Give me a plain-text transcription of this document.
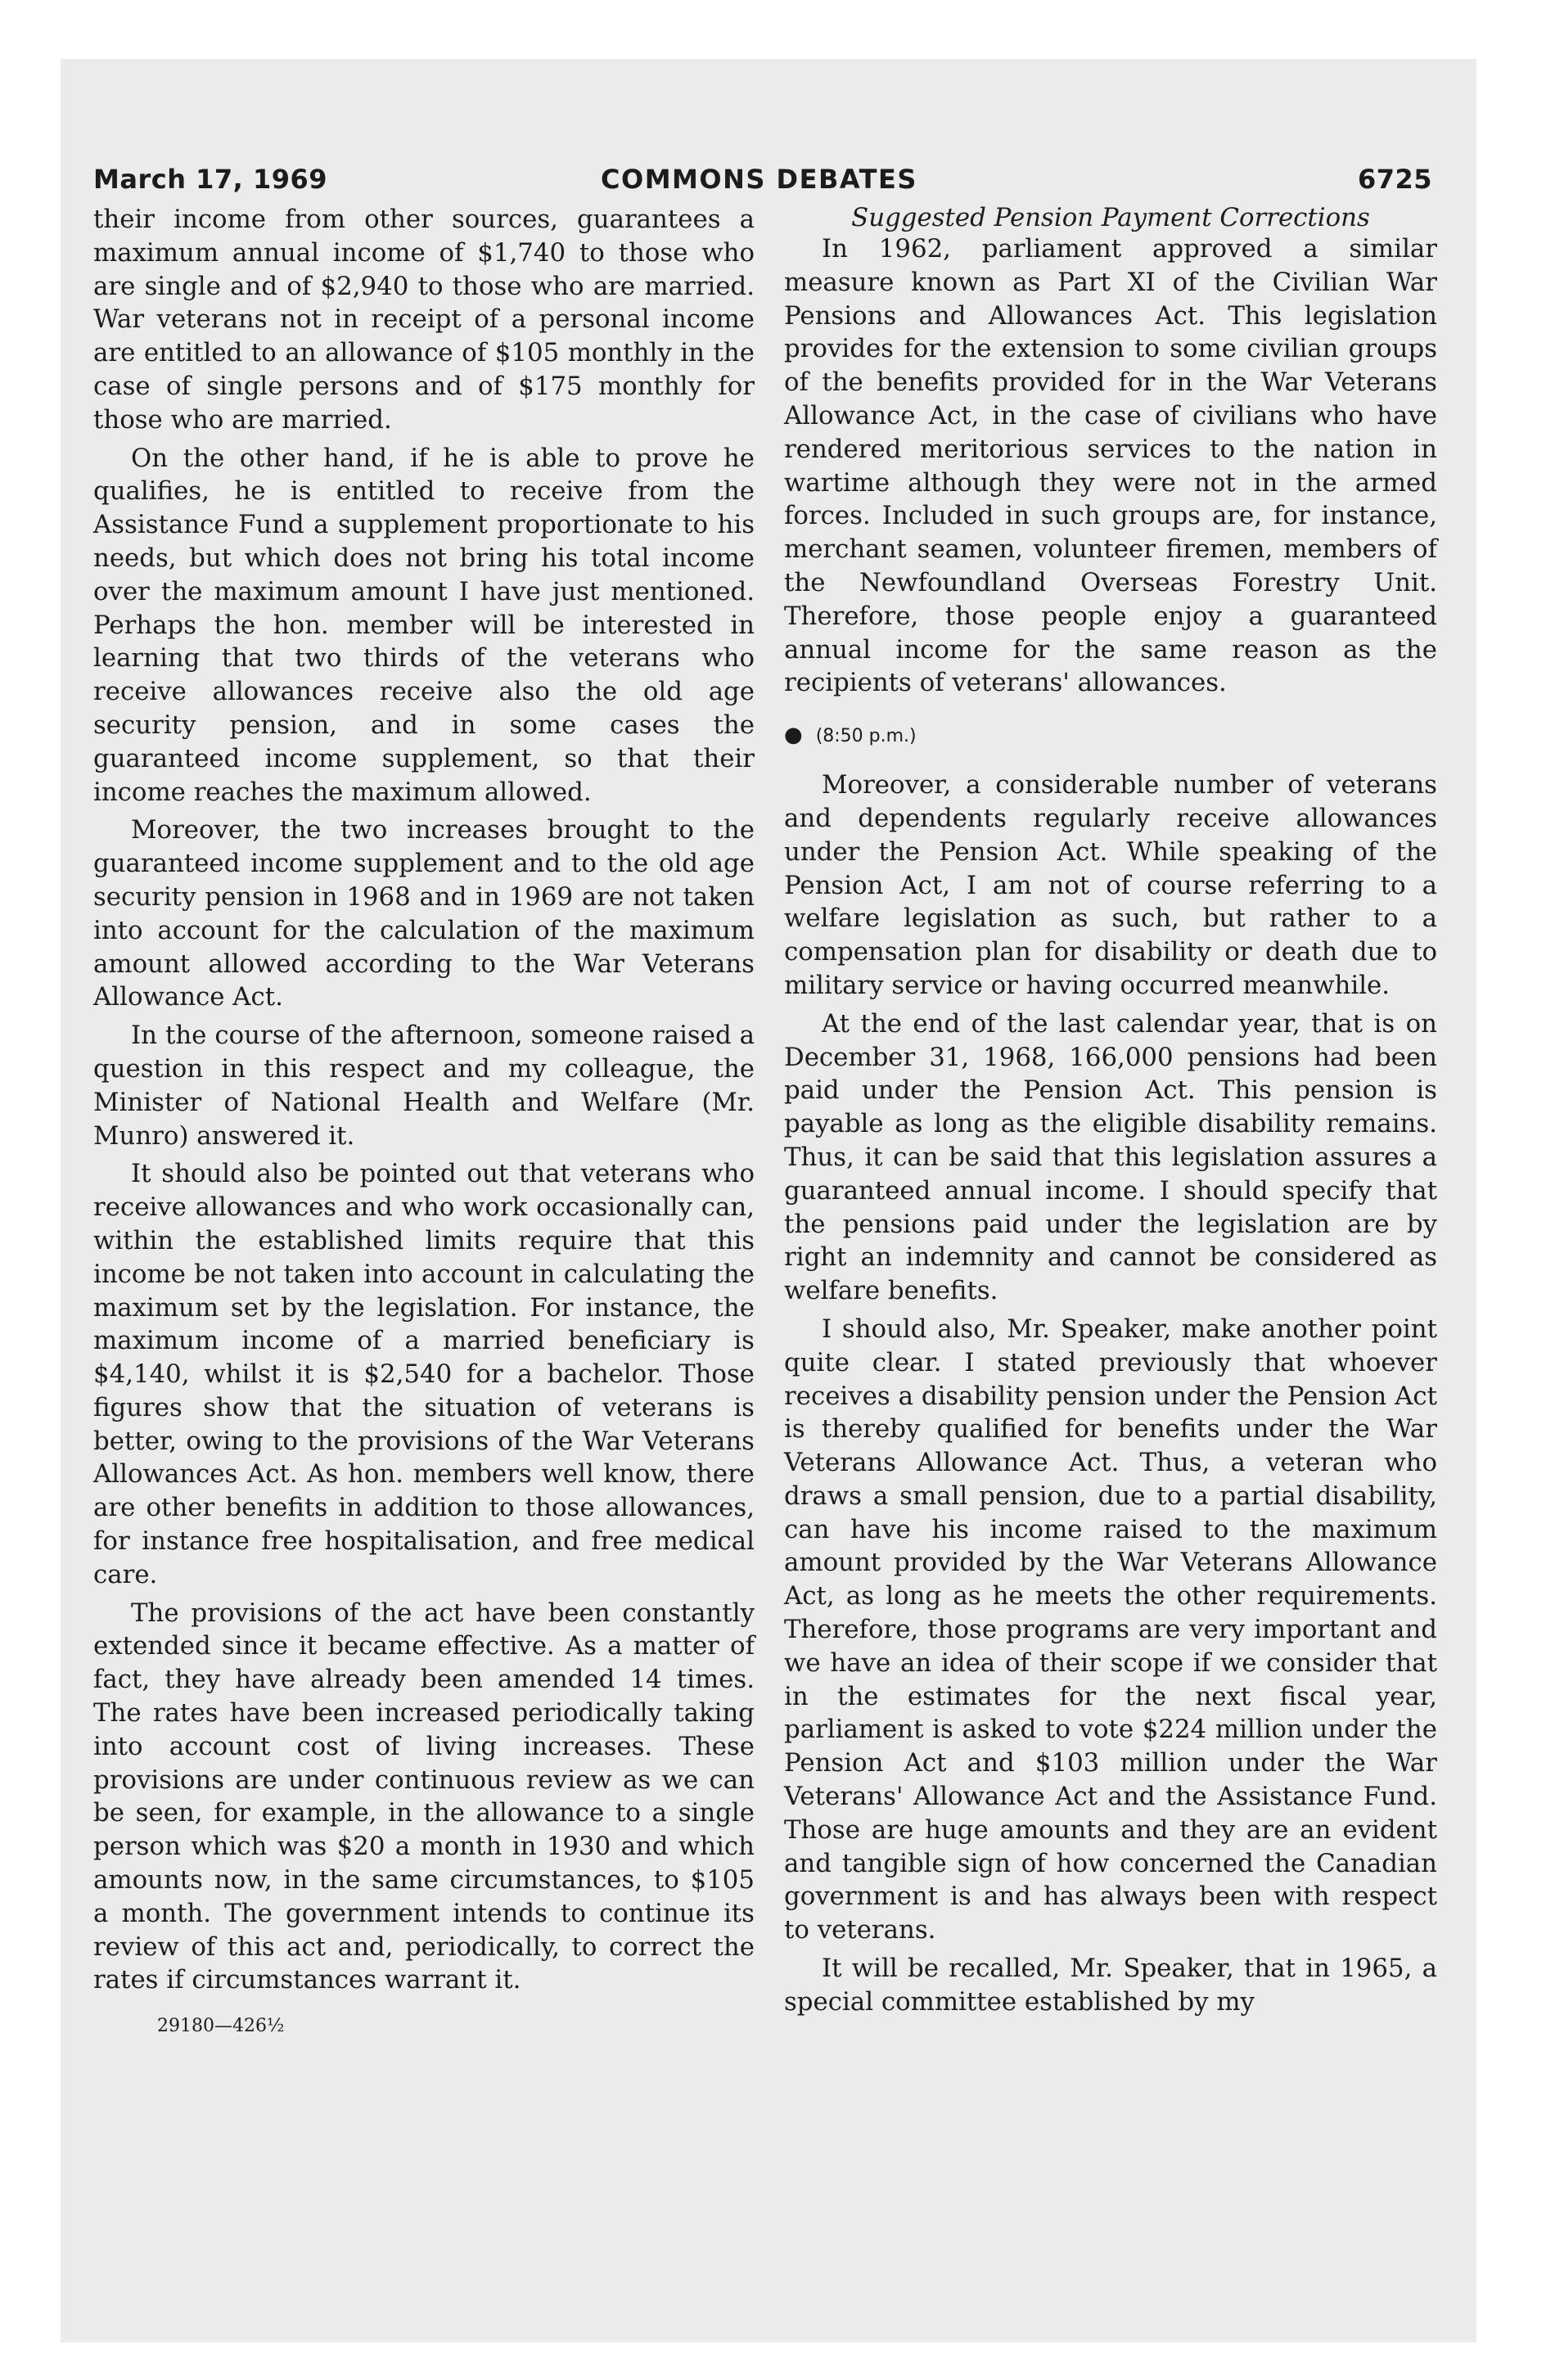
March 17, 1969	COMMONS DEBATES	6725

their income from other sources, guarantees a maximum annual income of $1,740 to those who are single and of $2,940 to those who are married. War veterans not in receipt of a personal income are entitled to an allowance of $105 monthly in the case of single persons and of $175 monthly for those who are married.

On the other hand, if he is able to prove he qualifies, he is entitled to receive from the Assistance Fund a supplement proportionate to his needs, but which does not bring his total income over the maximum amount I have just mentioned. Perhaps the hon. member will be interested in learning that two thirds of the veterans who receive allowances receive also the old age security pension, and in some cases the guaranteed income supplement, so that their income reaches the maximum allowed.

Moreover, the two increases brought to the guaranteed income supplement and to the old age security pension in 1968 and in 1969 are not taken into account for the calculation of the maximum amount allowed according to the War Veterans Allowance Act.

In the course of the afternoon, someone raised a question in this respect and my colleague, the Minister of National Health and Welfare (Mr. Munro) answered it.

It should also be pointed out that veterans who receive allowances and who work occasionally can, within the established limits require that this income be not taken into account in calculating the maximum set by the legislation. For instance, the maximum income of a married beneficiary is $4,140, whilst it is $2,540 for a bachelor. Those figures show that the situation of veterans is better, owing to the provisions of the War Veterans Allowances Act. As hon. members well know, there are other benefits in addition to those allowances, for instance free hospitalisation, and free medical care.

The provisions of the act have been constantly extended since it became effective. As a matter of fact, they have already been amended 14 times. The rates have been increased periodically taking into account cost of living increases. These provisions are under continuous review as we can be seen, for example, in the allowance to a single person which was $20 a month in 1930 and which amounts now, in the same circumstances, to $105 a month. The government intends to continue its review of this act and, periodically, to correct the rates if circumstances warrant it.

29180—426½
Suggested Pension Payment Corrections

In 1962, parliament approved a similar measure known as Part XI of the Civilian War Pensions and Allowances Act. This legislation provides for the extension to some civilian groups of the benefits provided for in the War Veterans Allowance Act, in the case of civilians who have rendered meritorious services to the nation in wartime although they were not in the armed forces. Included in such groups are, for instance, merchant seamen, volunteer firemen, members of the Newfoundland Overseas Forestry Unit. Therefore, those people enjoy a guaranteed annual income for the same reason as the recipients of veterans' allowances.

● (8:50 p.m.)

Moreover, a considerable number of veterans and dependents regularly receive allowances under the Pension Act. While speaking of the Pension Act, I am not of course referring to a welfare legislation as such, but rather to a compensation plan for disability or death due to military service or having occurred meanwhile.

At the end of the last calendar year, that is on December 31, 1968, 166,000 pensions had been paid under the Pension Act. This pension is payable as long as the eligible disability remains. Thus, it can be said that this legislation assures a guaranteed annual income. I should specify that the pensions paid under the legislation are by right an indemnity and cannot be considered as welfare benefits.

I should also, Mr. Speaker, make another point quite clear. I stated previously that whoever receives a disability pension under the Pension Act is thereby qualified for benefits under the War Veterans Allowance Act. Thus, a veteran who draws a small pension, due to a partial disability, can have his income raised to the maximum amount provided by the War Veterans Allowance Act, as long as he meets the other requirements. Therefore, those programs are very important and we have an idea of their scope if we consider that in the estimates for the next fiscal year, parliament is asked to vote $224 million under the Pension Act and $103 million under the War Veterans' Allowance Act and the Assistance Fund. Those are huge amounts and they are an evident and tangible sign of how concerned the Canadian government is and has always been with respect to veterans.

It will be recalled, Mr. Speaker, that in 1965, a special committee established by my
